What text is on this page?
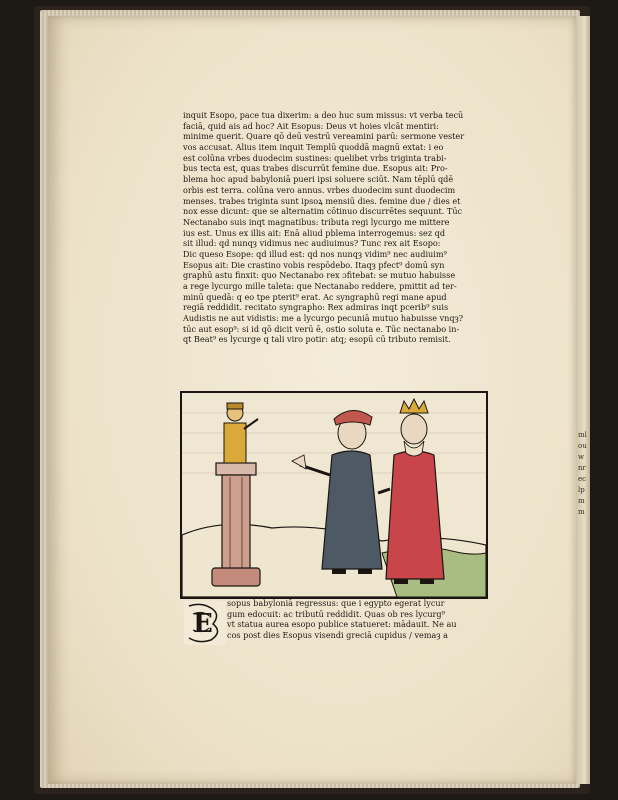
mlouwnreclpmm
inquit Esopo, pace tua dixerim: a deo huc sum missus: vt verba tecū
faciā, quid ais ad hoc? Ait Esopus: Deus vt hoies vlcāt mentiri:
minime querit. Quare qō deū vestrū vereamini parū: sermone vester
vos accusat. Alius item inquit Templū quoddā magnū extat: i eo
est colūna vrbes duodecim sustines: quelibet vrbs triginta trabi-
bus tecta est, quas trabes discurrūt femine due. Esopus ait: Pro-
blema hoc apud babyloniā pueri ipsi soluere sciūt. Nam tēplū qdē
orbis est terra. colūna vero annus. vrbes duodecim sunt duodecim
menses. trabes triginta sunt ipsoꝝ mensiū dies. femine due / dies et
nox esse dicunt: que se alternatim cōtinuo discurrētes sequunt. Tūc
Nectanabo suis inqt magnatibus: tributa regi lycurgo me mittere
ius est. Unus ex illis ait: Enā aliud pblema interrogemus: sez qd
sit illud: qd nunqȝ vidimus nec audiuimus? Tunc rex ait Esopo:
Dic queso Esope: qd illud est: qd nos nunqȝ vidim⁹ nec audiuim⁹
Esopus ait: Die crastino vobis respōdebo. Itaqȝ pfect⁹ domū syn
graphū astu finxit: quo Nectanabo rex ɔfitebat: se mutuo habuisse
a rege lycurgo mille taleta: que Nectanabo reddere, pmittit ad ter-
minū quedā: q eo tpe pterit⁹ erat. Ac syngraphū regi mane apud
regiā reddidit. recitato syngrapho: Rex admiras inqt pcerib⁹ suis
Audistis ne aut vidistis: me a lycurgo pecuniā mutuo habuisse vnqȝ?
tūc aut esop⁹: si id qō dicit verū ē, ostio soluta e. Tūc nectanabo in-
qt Beat⁹ es lycurge q tali viro potir: atq; esopū cū tributo remisit.
E
sopus babyloniā regressus: que i egypto egerat lycur
gum edocuit: ac tributū reddidit. Quas ob res lycurg⁹
vt statua aurea esopo publice statueret: mādauit. Ne au
cos post dies Esopus visendi greciā cupidus / vemaȝ a
